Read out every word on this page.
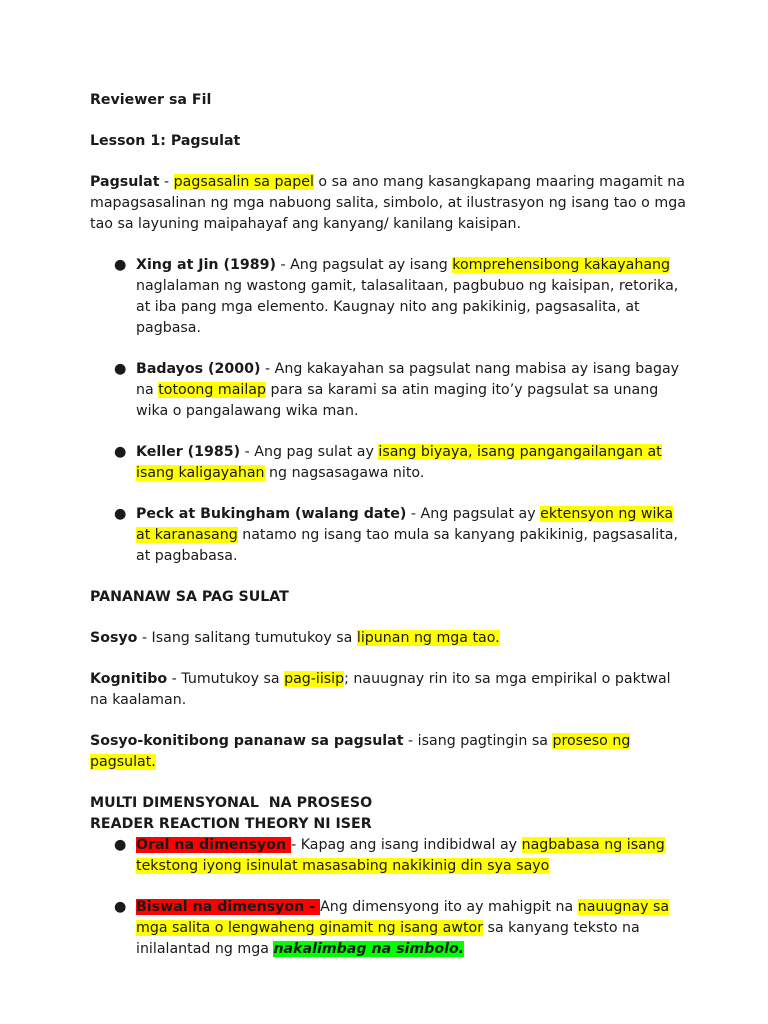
Reviewer sa Fil

Lesson 1: Pagsulat

Pagsulat - pagsasalin sa papel o sa ano mang kasangkapang maaring magamit na mapagsasalinan ng mga nabuong salita, simbolo, at ilustrasyon ng isang tao o mga tao sa layuning maipahayaf ang kanyang/ kanilang kaisipan.

● Xing at Jin (1989) - Ang pagsulat ay isang komprehensibong kakayahang naglalaman ng wastong gamit, talasalitaan, pagbubuo ng kaisipan, retorika, at iba pang mga elemento. Kaugnay nito ang pakikinig, pagsasalita, at pagbasa.
● Badayos (2000) - Ang kakayahan sa pagsulat nang mabisa ay isang bagay na totoong mailap para sa karami sa atin maging ito’y pagsulat sa unang wika o pangalawang wika man.
● Keller (1985) - Ang pag sulat ay isang biyaya, isang pangangailangan at isang kaligayahan ng nagsasagawa nito.
● Peck at Bukingham (walang date) - Ang pagsulat ay ektensyon ng wika at karanasang natamo ng isang tao mula sa kanyang pakikinig, pagsasalita, at pagbabasa.

PANANAW SA PAG SULAT

Sosyo - Isang salitang tumutukoy sa lipunan ng mga tao.

Kognitibo - Tumutukoy sa pag-iisip; nauugnay rin ito sa mga empirikal o paktwal na kaalaman.

Sosyo-konitibong pananaw sa pagsulat - isang pagtingin sa proseso ng pagsulat.

MULTI DIMENSYONAL  NA PROSESO

READER REACTION THEORY NI ISER

● Oral na dimensyon - Kapag ang isang indibidwal ay nagbabasa ng isang tekstong iyong isinulat masasabing nakikinig din sya sayo
● Biswal na dimensyon - Ang dimensyong ito ay mahigpit na nauugnay sa mga salita o lengwaheng ginamit ng isang awtor sa kanyang teksto na inilalantad ng mga nakalimbag na simbolo.
